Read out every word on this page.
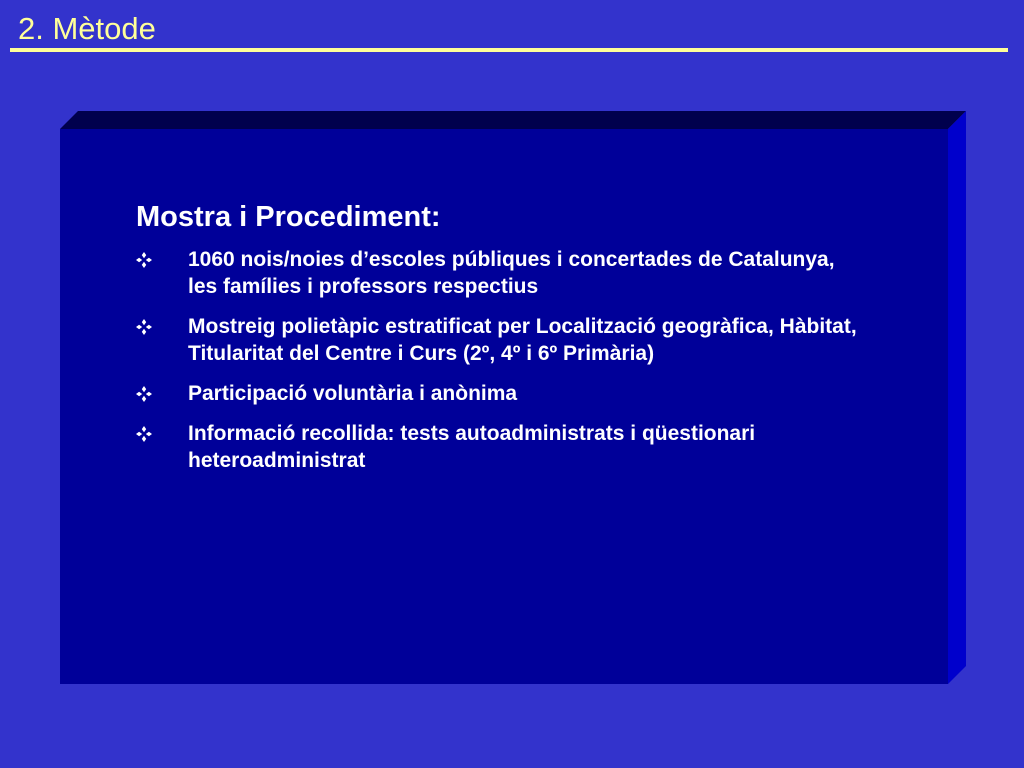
2. Mètode
Mostra i Procediment:
1060 nois/noies d’escoles públiques i concertades de Catalunya, les famílies i professors respectius
Mostreig polietàpic estratificat per Localització geogràfica, Hàbitat, Titularitat del Centre i Curs (2º, 4º i 6º Primària)
Participació voluntària i anònima
Informació recollida: tests autoadministrats i qüestionari heteroadministrat
